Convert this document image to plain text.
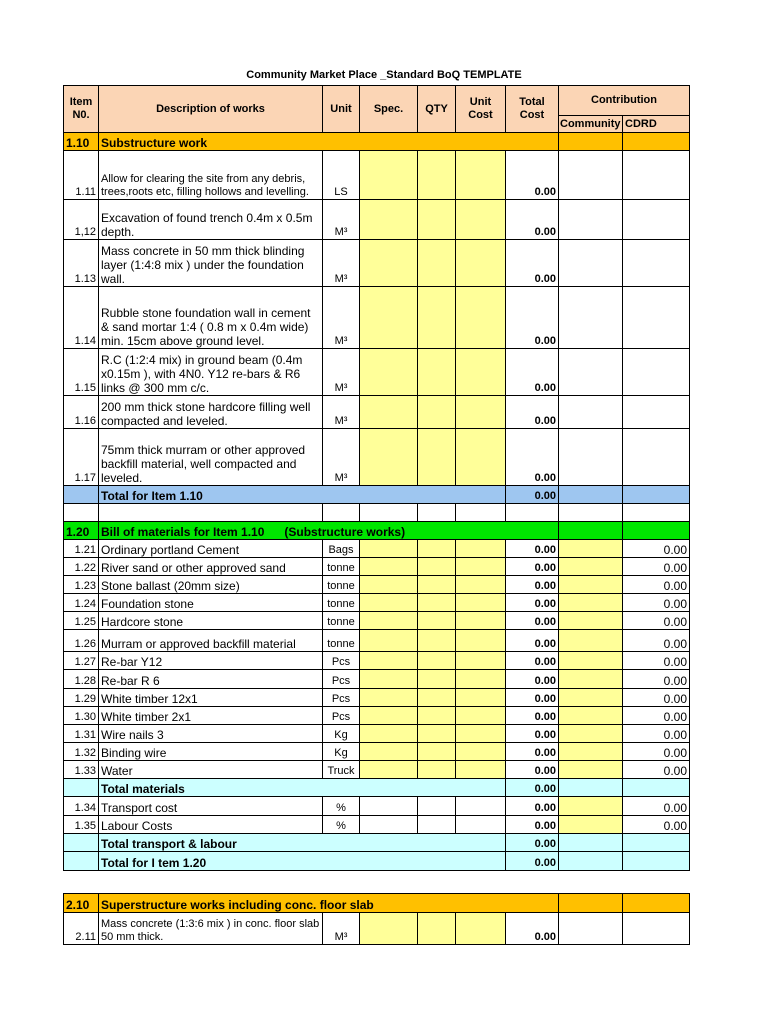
Community Market Place _Standard BoQ TEMPLATE
Item N0.	Description of works	Unit	Spec.	QTY	Unit Cost	Total Cost	Contribution	
							Community	CDRD
1.10	Substructure work							
1.11	Allow for clearing the site from any debris, trees,roots etc, filling hollows and levelling.	LS				0.00		
1,12	Excavation of found trench 0.4m x 0.5m depth.	M³				0.00		
1.13	Mass concrete in 50 mm thick blinding layer (1:4:8 mix ) under the foundation wall.	M³				0.00		
1.14	Rubble stone foundation wall in cement & sand mortar 1:4 ( 0.8 m x 0.4m wide) min. 15cm above ground level.	M³				0.00		
1.15	R.C (1:2:4 mix) in ground beam (0.4m x0.15m ), with 4N0. Y12 re-bars & R6 links @ 300 mm c/c.	M³				0.00		
1.16	200 mm thick stone hardcore filling well compacted and leveled.	M³				0.00		
1.17	75mm thick murram or other approved backfill material, well compacted and leveled.	M³				0.00		
	Total for Item 1.10					0.00		

1.20	Bill of materials for Item 1.10      (Substructure works)							
1.21	Ordinary portland Cement	Bags				0.00		0.00
1.22	River sand or other approved sand	tonne				0.00		0.00
1.23	Stone ballast (20mm size)	tonne				0.00		0.00
1.24	Foundation stone	tonne				0.00		0.00
1.25	Hardcore stone	tonne				0.00		0.00
1.26	Murram or approved backfill material	tonne				0.00		0.00
1.27	Re-bar Y12	Pcs				0.00		0.00
1.28	Re-bar R 6	Pcs				0.00		0.00
1.29	White timber 12x1	Pcs				0.00		0.00
1.30	White timber 2x1	Pcs				0.00		0.00
1.31	Wire nails 3	Kg				0.00		0.00
1.32	Binding wire	Kg				0.00		0.00
1.33	Water	Truck				0.00		0.00
	Total materials					0.00		
1.34	Transport cost	%				0.00		0.00
1.35	Labour Costs	%				0.00		0.00
	Total transport & labour					0.00		
	Total for I tem 1.20					0.00		
2.10	Superstructure works including conc. floor slab							
2.11	Mass concrete (1:3:6 mix ) in conc. floor slab 50 mm thick.	M³				0.00		
